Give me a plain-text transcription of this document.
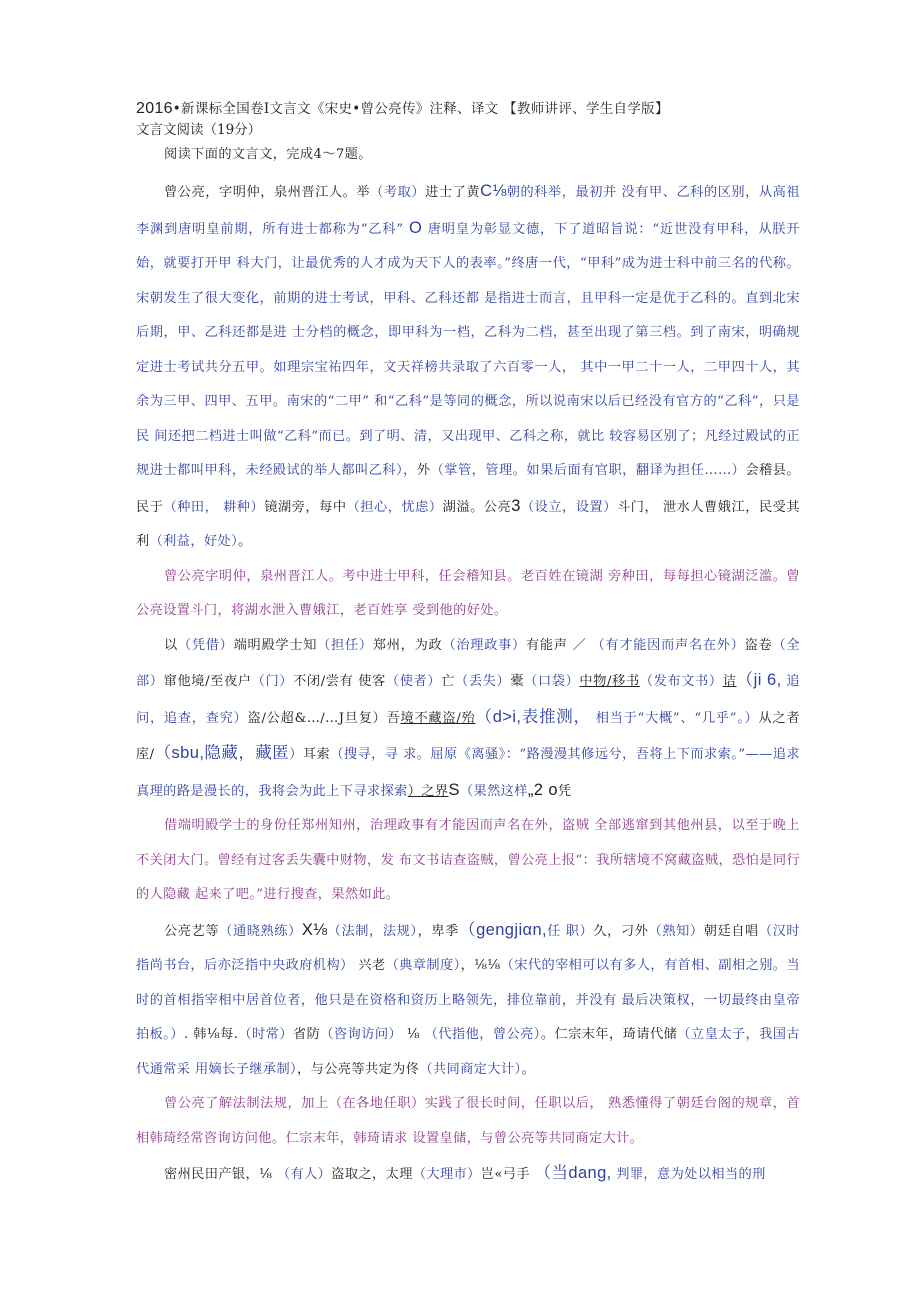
2016•新课标全国卷Ⅰ文言文《宋史•曾公亮传》注释、译文 【教师讲评、学生自学版】
文言文阅读（19分）

阅读下面的文言文，完成4～7题。

曾公亮，字明仲，泉州晋江人。举（考取）进士了黄C⅛朝的科举，最初并 没有甲、乙科的区别，从高祖李渊到唐明皇前期，所有进士都称为“乙科” O 唐明皇为彰显文德，下了道昭旨说：“近世没有甲科，从朕开始，就要打开甲 科大门，让最优秀的人才成为天下人的表率。”终唐一代，“甲科”成为进士科中前三名的代称。宋朝发生了很大变化，前期的进士考试，甲科、乙科还都 是指进士而言，且甲科一定是优于乙科的。直到北宋后期，甲、乙科还都是进 士分档的概念，即甲科为一档，乙科为二档，甚至出现了第三档。到了南宋，明确规定进士考试共分五甲。如理宗宝祐四年，文天祥榜共录取了六百零一人， 其中一甲二十一人，二甲四十人，其余为三甲、四甲、五甲。南宋的“二甲” 和“乙科”是等同的概念，所以说南宋以后已经没有官方的“乙科”，只是民 间还把二档进士叫做“乙科”而已。到了明、清，又出现甲、乙科之称，就比 较容易区别了；凡经过殿试的正规进士都叫甲科，未经殿试的举人都叫乙科），外（掌管，管理。如果后面有官职，翻译为担任……）会稽县。民于（种田， 耕种）镜湖旁，每中（担心，忧虑）湖溢。公亮3（设立，设置）斗门， 泄水人曹娥江，民受其利（利益，好处）。

曾公亮字明仲，泉州晋江人。考中进士甲科，任会稽知县。老百姓在镜湖 旁种田，每每担心镜湖泛滥。曾公亮设置斗门，将湖水泄入曹娥江，老百姓享 受到他的好处。

以（凭借）端明殿学士知（担任）郑州，为政（治理政事）有能声 ／ （有才能因而声名在外）盗卷（全部）窜他境/至夜户（门）不闭/尝有 使客（使者）亡（丢失）橐（口袋）中物/移书（发布文书）诘（ji 6, 追问，追查，查究）盗/公超&…/…J旦复）吾境不藏盗/殆（d>i,表推测， 相当于“大概”、“几乎”。）从之者庢/（sbu,隐藏，藏匿）耳索（搜寻，寻 求。屈原《离骚》：“路漫漫其修远兮，吾将上下而求索。”——追求 真理的路是漫长的，我将会为此上下寻求探索）之界S（果然这样„2 o凭

借端明殿学士的身份任郑州知州，治理政事有才能因而声名在外，盗贼 全部逃窜到其他州县，以至于晚上不关闭大门。曾经有过客丢失囊中财物，发 布文书诘查盗贼，曾公亮上报“：我所辖境不窝藏盗贼，恐怕是同行的人隐藏 起来了吧。”进行搜查，果然如此。

公亮艺等（通晓熟练）X⅛（法制，法规），卑季（gengjiαn,任 职）久，刁外（熟知）朝廷自唱（汉时指尚书台，后亦泛指中央政府机构） 兴老（典章制度），⅛⅛（宋代的宰相可以有多人，有首相、副相之别。当 时的首相指宰相中居首位者，他只是在资格和资历上略领先，排位靠前，并没有 最后决策权，一切最终由皇帝拍板。）. 韩⅛每.（时常）省防（咨询访问） ⅛ （代指他，曾公亮）。仁宗末年，琦请代储（立皇太子，我国古代通常采 用嫡长子继承制），与公亮等共定为佟（共同商定大计）。

曾公亮了解法制法规，加上（在各地任职）实践了很长时间，任职以后， 熟悉懂得了朝廷台阁的规章，首相韩琦经常咨询访问他。仁宗末年，韩琦请求 设置皇储，与曾公亮等共同商定大计。

密州民田产银，⅛ （有人）盗取之，太理（大理市）岂«弓手 （当dang, 判罪，意为处以相当的刑
